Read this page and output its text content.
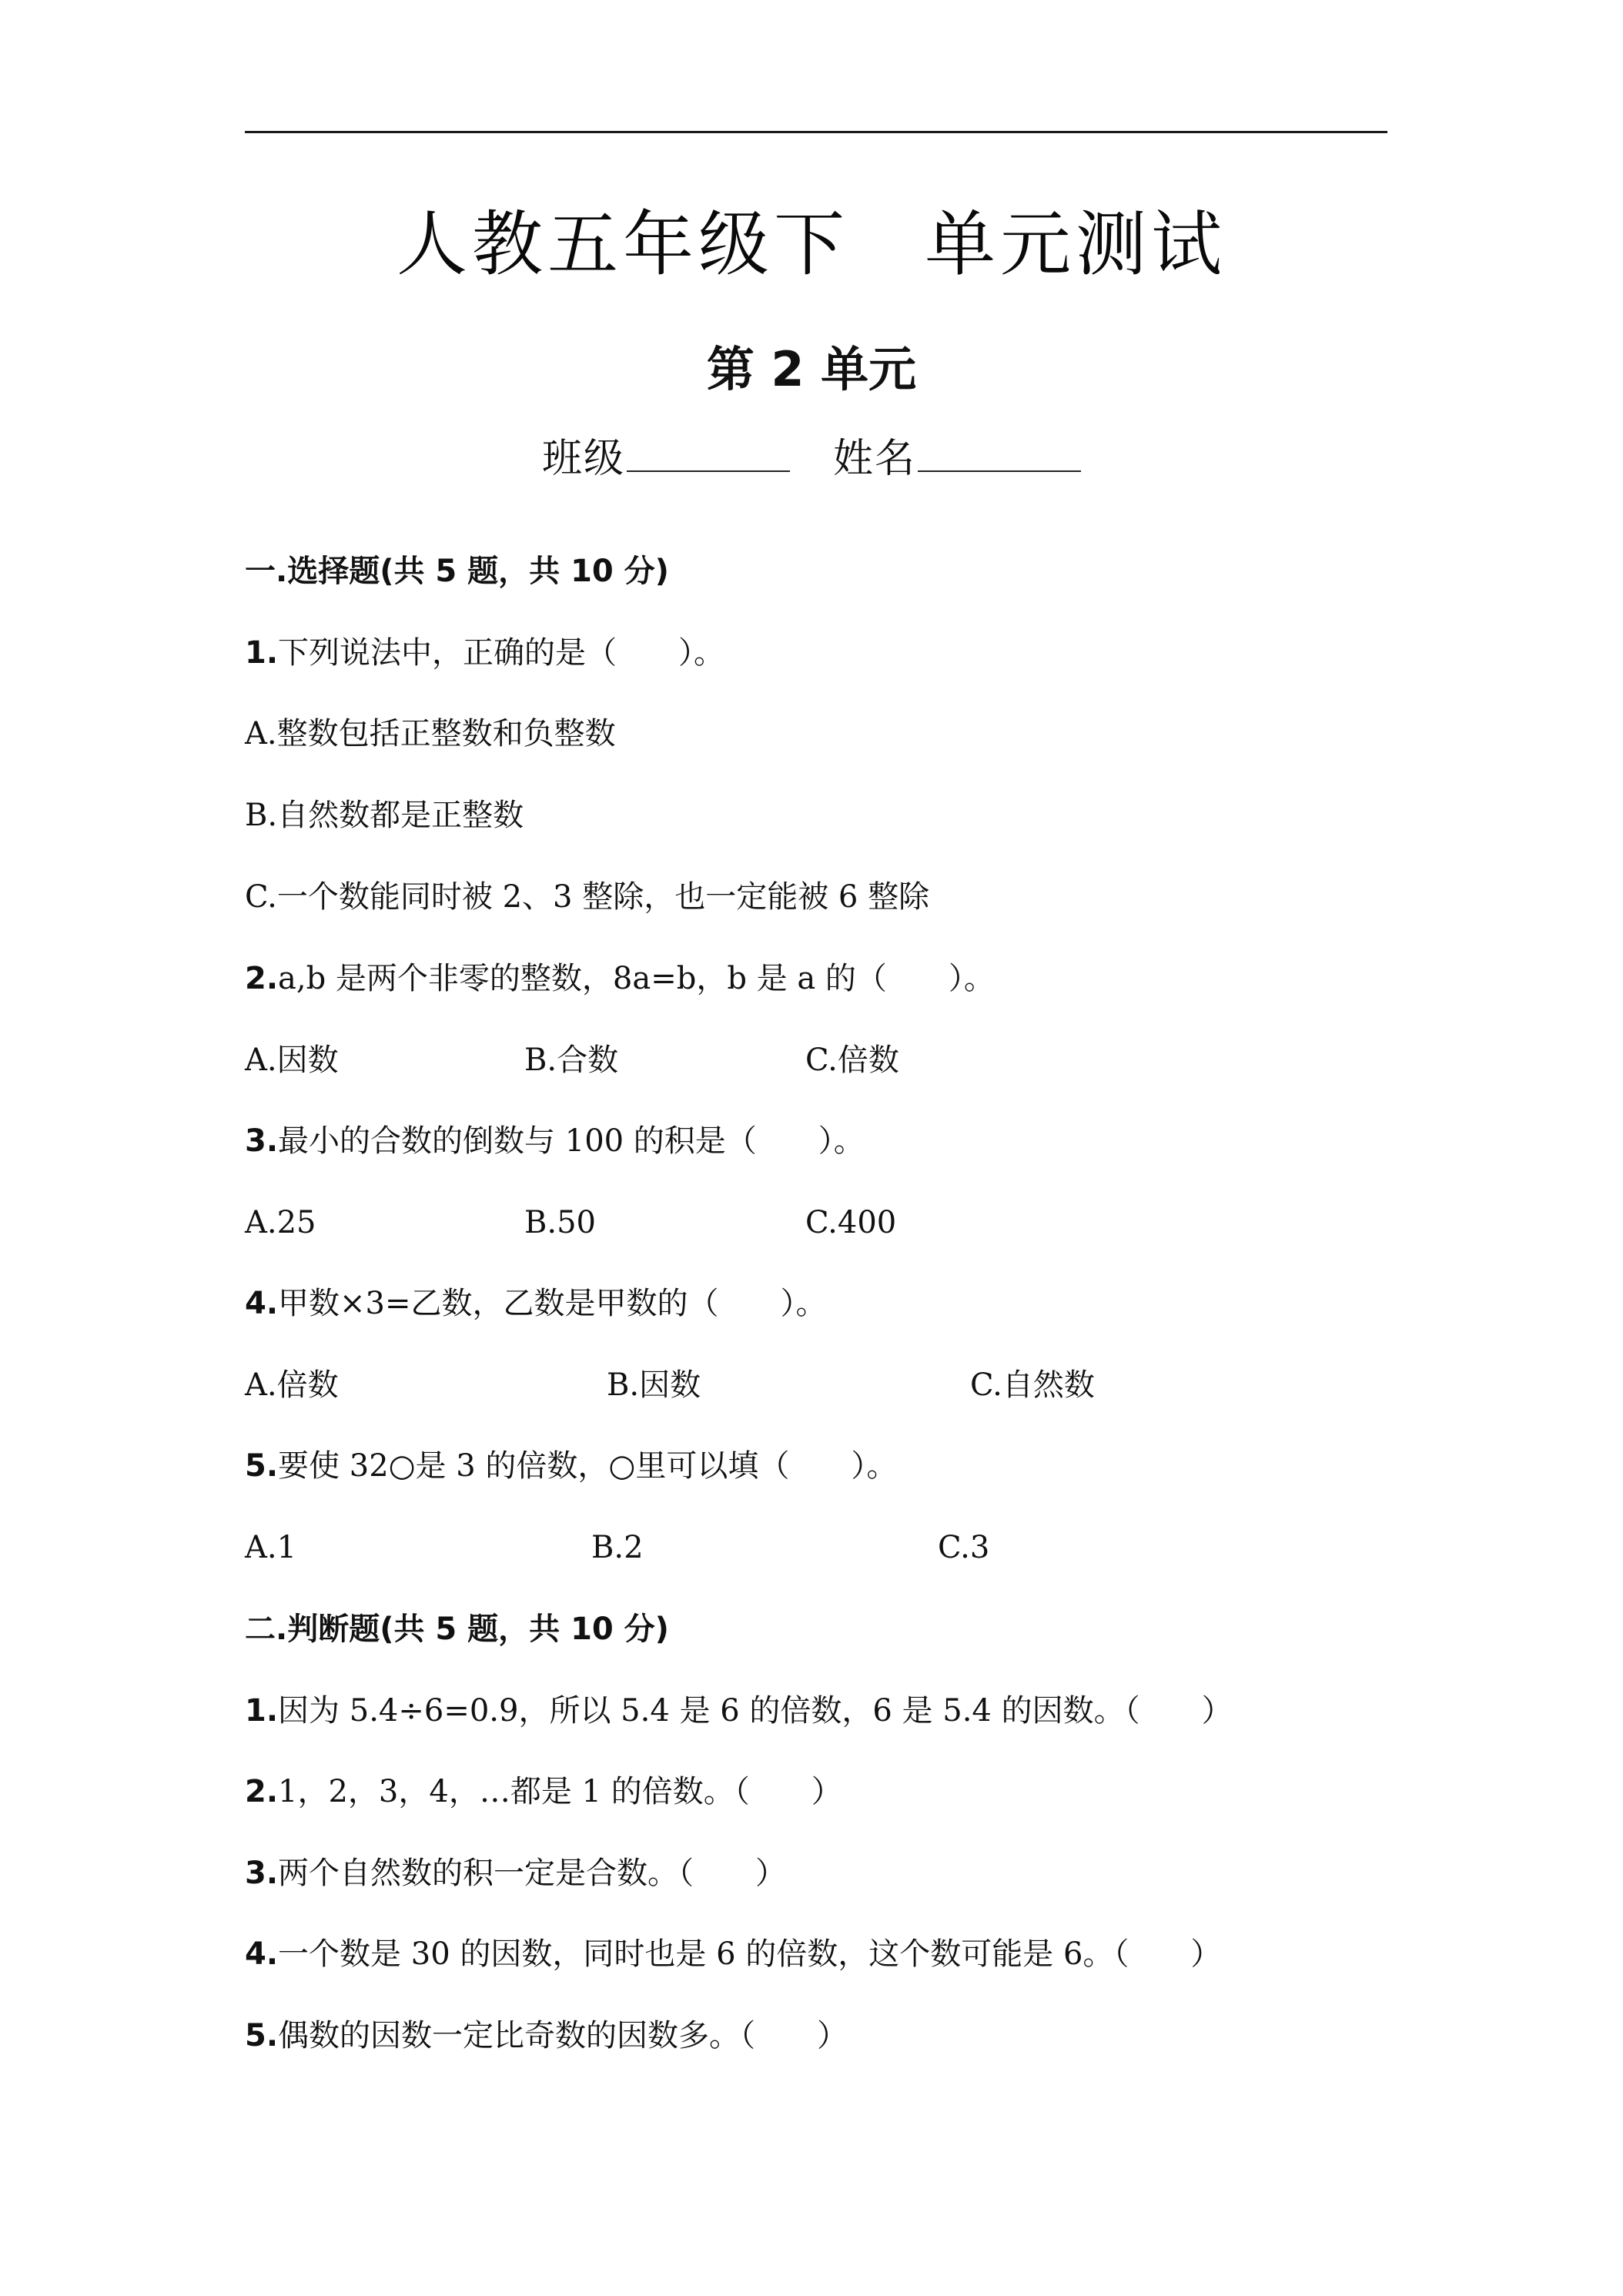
人教五年级下　单元测试
第 2 单元
班级	姓名
一.选择题(共 5 题，共 10 分)
1.下列说法中，正确的是（　　）。
A.整数包括正整数和负整数
B.自然数都是正整数
C.一个数能同时被 2、3 整除，也一定能被 6 整除
2.a,b 是两个非零的整数，8a=b，b 是 a 的（　　）。
A.因数	B.合数	C.倍数
3.最小的合数的倒数与 100 的积是（　　）。
A.25	B.50	C.400
4.甲数×3=乙数，乙数是甲数的（　　）。
A.倍数	B.因数	C.自然数
5.要使 32○是 3 的倍数，○里可以填（　　）。
A.1	B.2	C.3
二.判断题(共 5 题，共 10 分)
1.因为 5.4÷6=0.9，所以 5.4 是 6 的倍数，6 是 5.4 的因数。（　　）
2.1，2，3，4，…都是 1 的倍数。（　　）
3.两个自然数的积一定是合数。（　　）
4.一个数是 30 的因数，同时也是 6 的倍数，这个数可能是 6。（　　）
5.偶数的因数一定比奇数的因数多。（　　）
